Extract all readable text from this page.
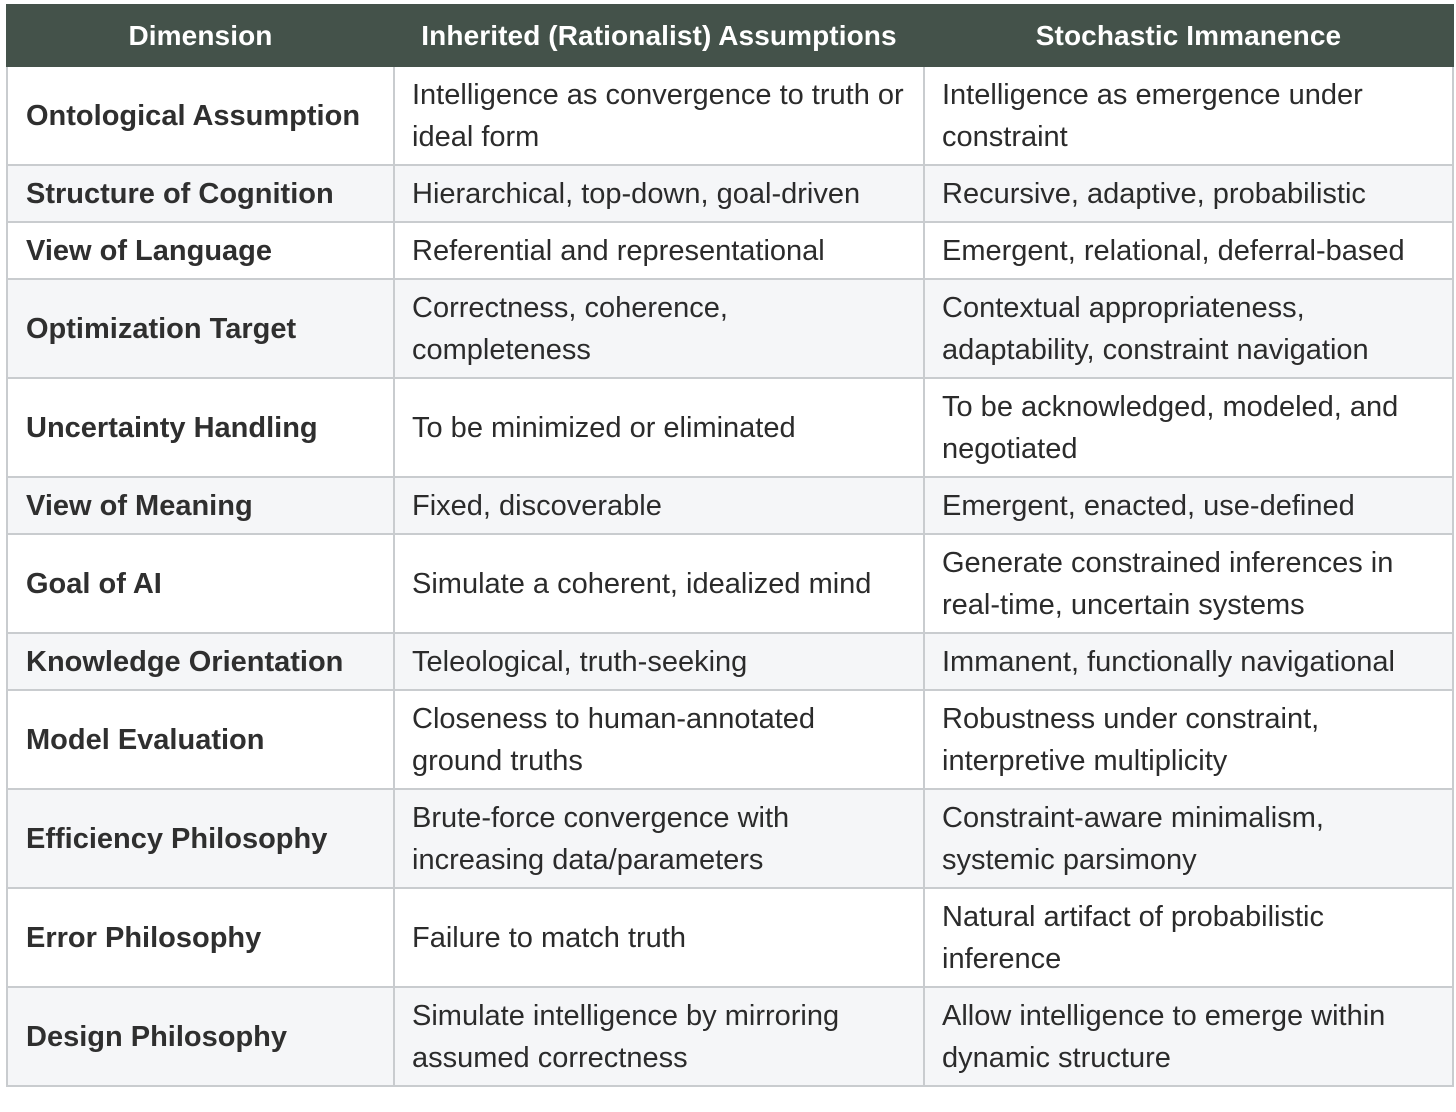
Dimension	Inherited (Rationalist) Assumptions	Stochastic Immanence
Ontological Assumption	Intelligence as convergence to truth or ideal form	Intelligence as emergence under constraint
Structure of Cognition	Hierarchical, top-down, goal-driven	Recursive, adaptive, probabilistic
View of Language	Referential and representational	Emergent, relational, deferral-based
Optimization Target	Correctness, coherence, completeness	Contextual appropriateness, adaptability, constraint navigation
Uncertainty Handling	To be minimized or eliminated	To be acknowledged, modeled, and negotiated
View of Meaning	Fixed, discoverable	Emergent, enacted, use-defined
Goal of AI	Simulate a coherent, idealized mind	Generate constrained inferences in real-time, uncertain systems
Knowledge Orientation	Teleological, truth-seeking	Immanent, functionally navigational
Model Evaluation	Closeness to human-annotated ground truths	Robustness under constraint, interpretive multiplicity
Efficiency Philosophy	Brute-force convergence with increasing data/parameters	Constraint-aware minimalism, systemic parsimony
Error Philosophy	Failure to match truth	Natural artifact of probabilistic inference
Design Philosophy	Simulate intelligence by mirroring assumed correctness	Allow intelligence to emerge within dynamic structure
